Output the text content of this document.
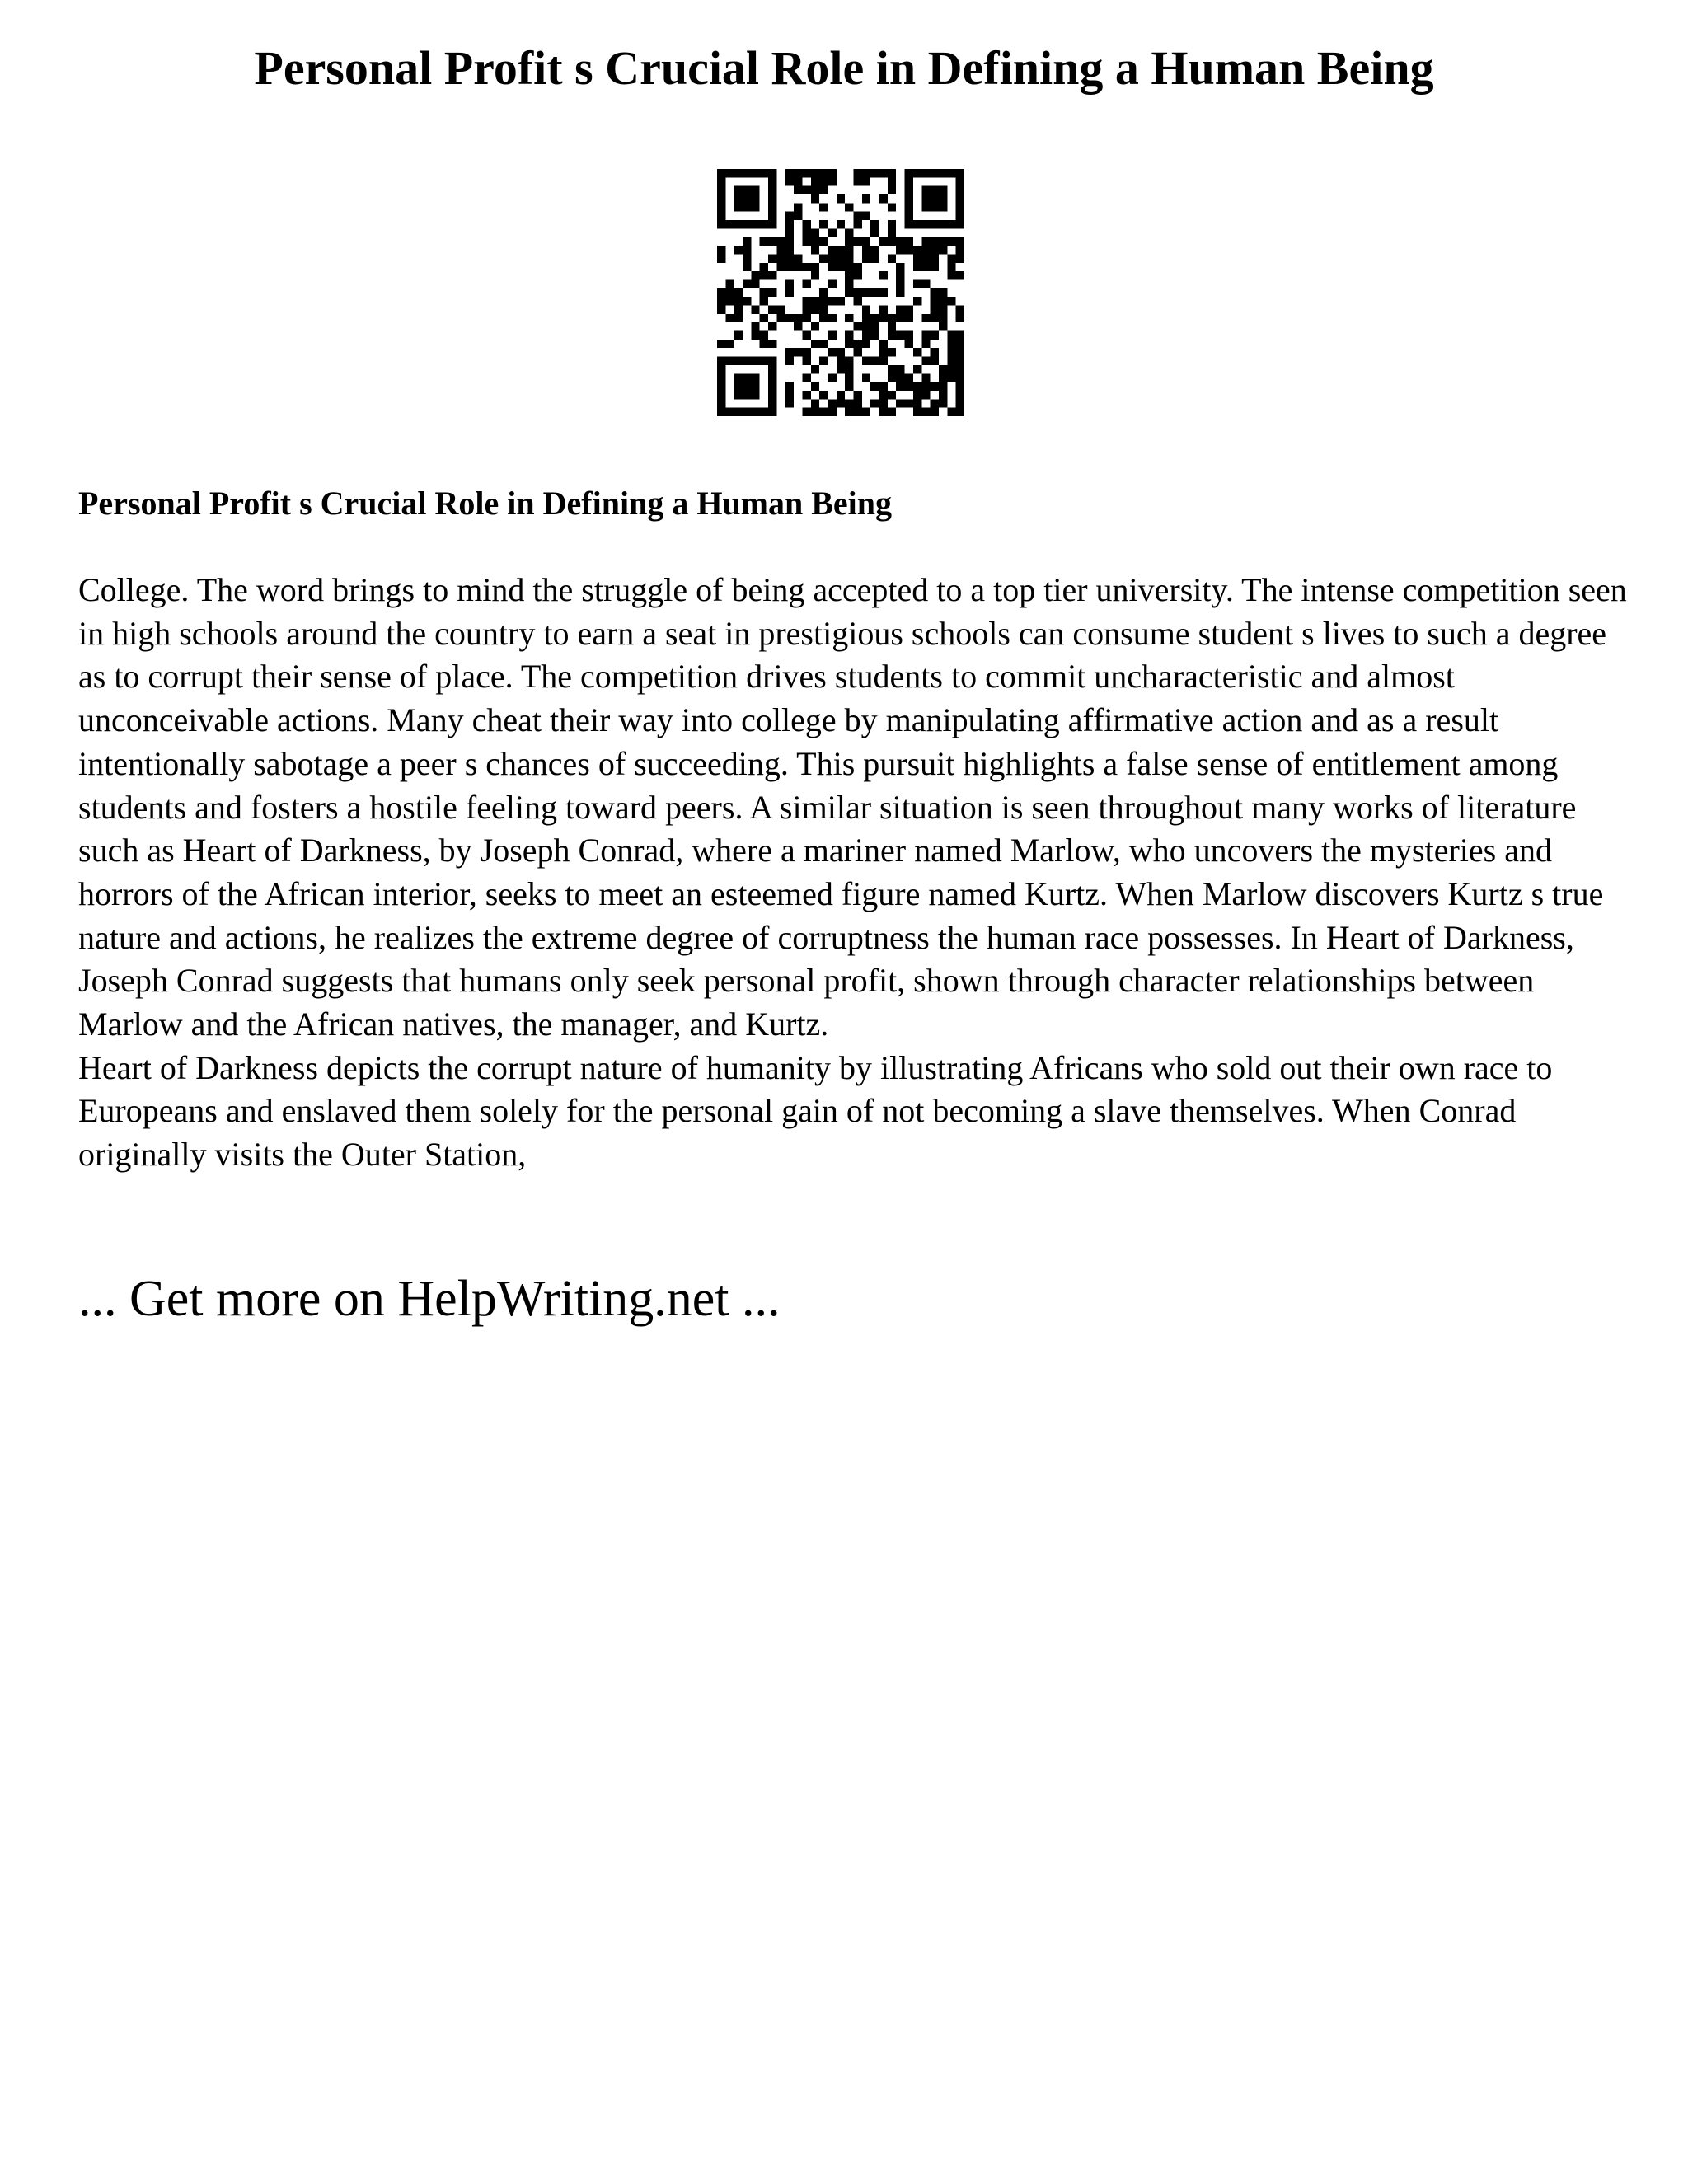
Personal Profit s Crucial Role in Defining a Human Being
Personal Profit s Crucial Role in Defining a Human Being

College. The word brings to mind the struggle of being accepted to a top tier university. The intense competition seen in high schools around the country to earn a seat in prestigious schools can consume student s lives to such a degree as to corrupt their sense of place. The competition drives students to commit uncharacteristic and almost unconceivable actions. Many cheat their way into college by manipulating affirmative action and as a result intentionally sabotage a peer s chances of succeeding. This pursuit highlights a false sense of entitlement among students and fosters a hostile feeling toward peers. A similar situation is seen throughout many works of literature such as Heart of Darkness, by Joseph Conrad, where a mariner named Marlow, who uncovers the mysteries and horrors of the African interior, seeks to meet an esteemed figure named Kurtz. When Marlow discovers Kurtz s true nature and actions, he realizes the extreme degree of corruptness the human race possesses. In Heart of Darkness, Joseph Conrad suggests that humans only seek personal profit, shown through character relationships between Marlow and the African natives, the manager, and Kurtz.

Heart of Darkness depicts the corrupt nature of humanity by illustrating Africans who sold out their own race to Europeans and enslaved them solely for the personal gain of not becoming a slave themselves. When Conrad originally visits the Outer Station,

... Get more on HelpWriting.net ...
